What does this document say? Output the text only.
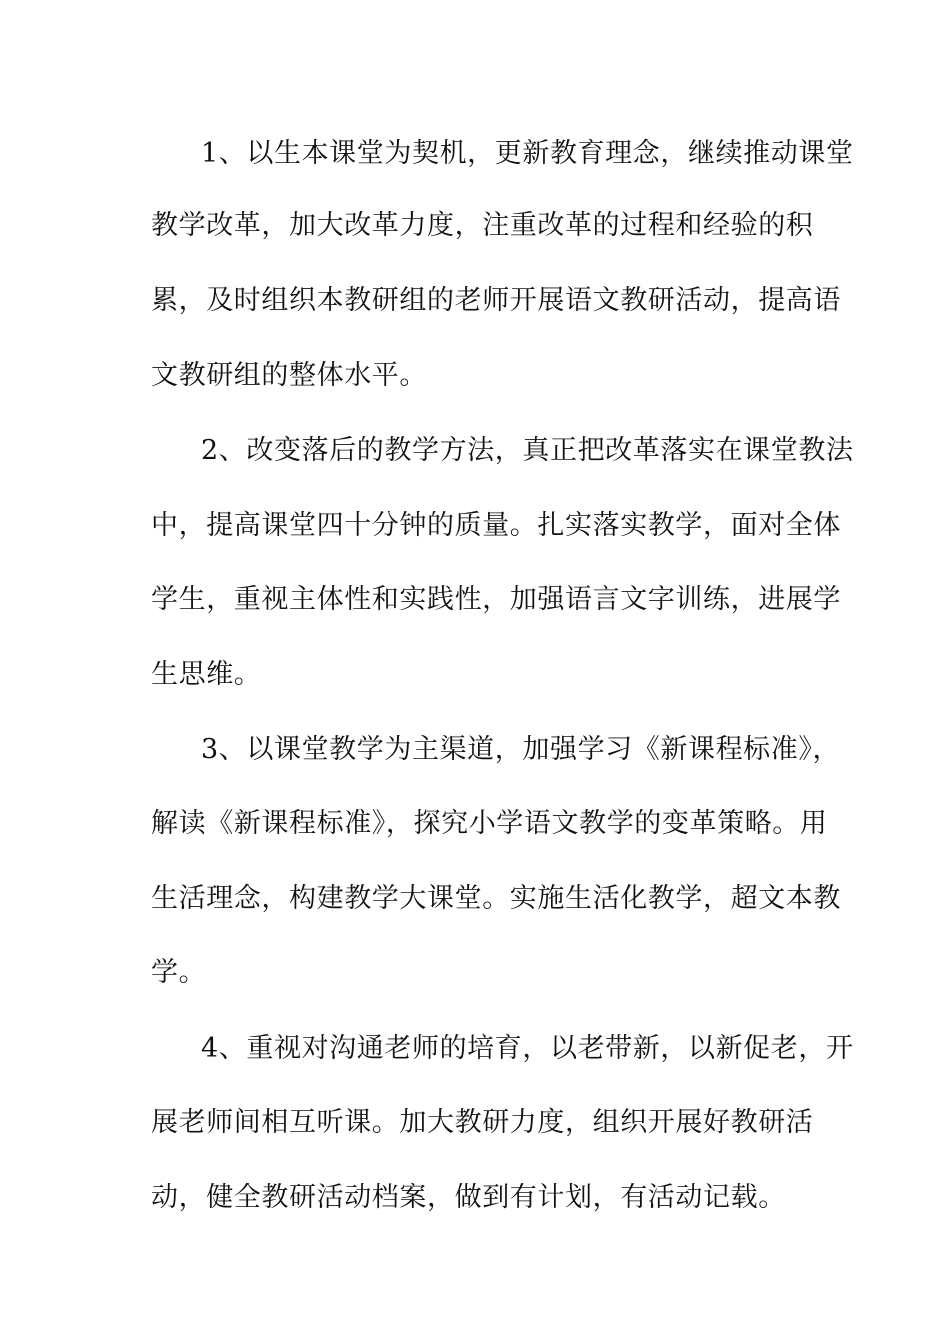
1、以生本课堂为契机，更新教育理念，继续推动课堂
教学改革，加大改革力度，注重改革的过程和经验的积
累，及时组织本教研组的老师开展语文教研活动，提高语
文教研组的整体水平。
2、改变落后的教学方法，真正把改革落实在课堂教法
中，提高课堂四十分钟的质量。扎实落实教学，面对全体
学生，重视主体性和实践性，加强语言文字训练，进展学
生思维。
3、以课堂教学为主渠道，加强学习《新课程标准》，
解读《新课程标准》，探究小学语文教学的变革策略。用
生活理念，构建教学大课堂。实施生活化教学，超文本教
学。
4、重视对沟通老师的培育，以老带新，以新促老，开
展老师间相互听课。加大教研力度，组织开展好教研活
动，健全教研活动档案，做到有计划，有活动记载。
